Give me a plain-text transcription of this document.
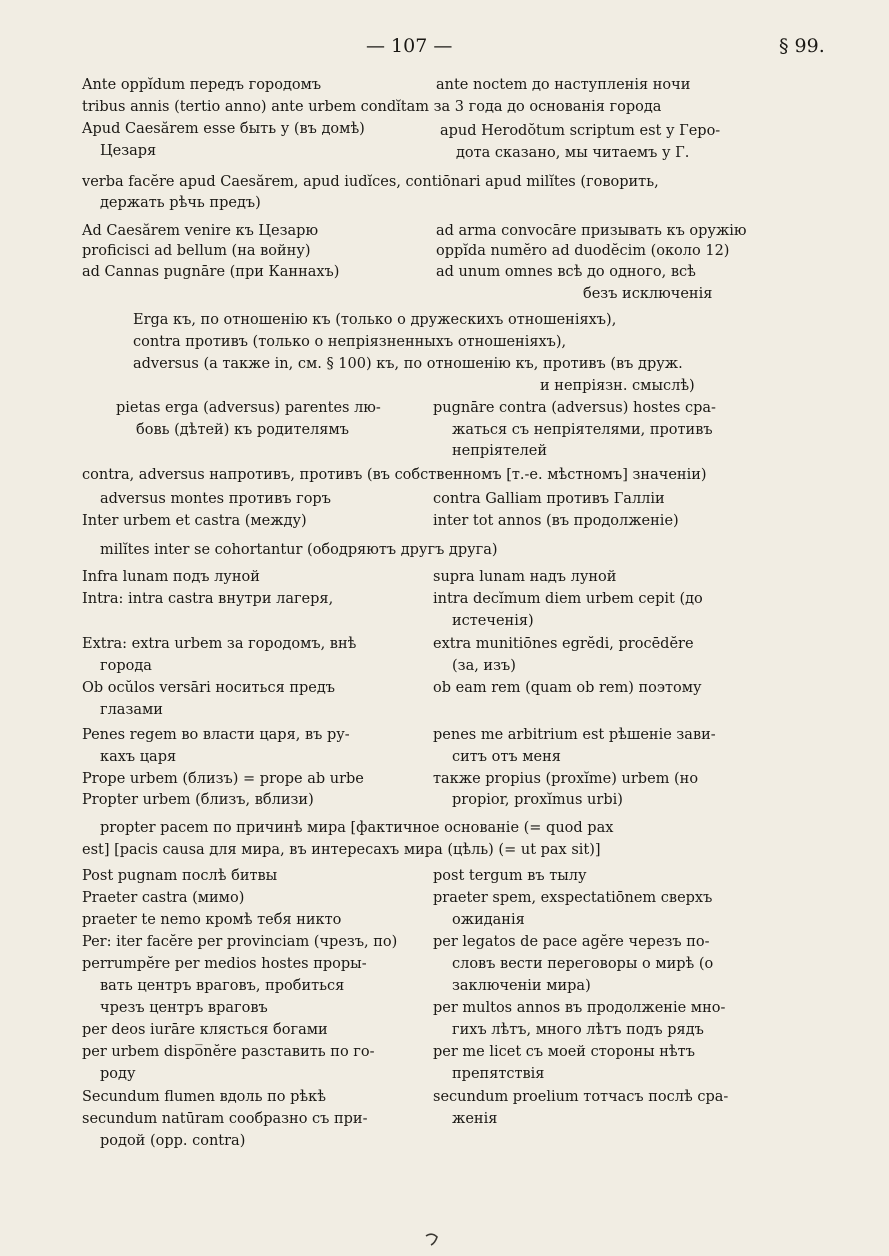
— 107 —	§ 99.
Ante oppĭdum передъ городомъ	ante noctem до наступленія ночи
tribus annis (tertio anno) ante urbem condĭtam за 3 года до основанія города
Apud Caesărem esse быть у (въ домѣ)	apud Herodŏtum scriptum est у Геро-
Цезаря	дота сказано, мы читаемъ у Г.
verba facĕre apud Caesărem, apud iudĭces, contiōnari apud milĭtes (говорить,
держать рѣчь предъ)
Ad Caesărem venire къ Цезарю	ad arma convocāre призывать къ оружію
proficisci ad bellum (на войну)	oppĭda numĕro ad duodĕcim (около 12)
ad Cannas pugnāre (при Каннахъ)	ad unum omnes всѣ до одного, всѣ
безъ исключенія
Erga къ, по отношенію къ (только о дружескихъ отношеніяхъ),
contra противъ (только о непріязненныхъ отношеніяхъ),
adversus (а также in, см. § 100) къ, по отношенію къ, противъ (въ друж.
и непріязн. смыслѣ)
pietas erga (adversus) parentes лю-	pugnāre contra (adversus) hostes сра-
бовь (дѣтей) къ родителямъ	жаться съ непріятелями, противъ
непріятелей
contra, adversus напротивъ, противъ (въ собственномъ [т.-е. мѣстномъ] значеніи)
adversus montes противъ горъ	contra Galliam противъ Галліи
Inter urbem et castra (между)	inter tot annos (въ продолженіе)
milĭtes inter se cohortantur (ободряютъ другъ друга)
Infra lunam подъ луной	supra lunam надъ луной
Intra: intra castra внутри лагеря,	intra decĭmum diem urbem cepit (до
истеченія)
Extra: extra urbem за городомъ, внѣ	extra munitiōnes egrĕdi, procēdĕre
города	(за, изъ)
Ob ocŭlos versāri носиться предъ	ob eam rem (quam ob rem) поэтому
глазами
Penes regem во власти царя, въ ру-	penes me arbitrium est рѣшеніе зави-
кахъ царя	ситъ отъ меня
Prope urbem (близъ) = prope ab urbe	также propius (proxĭme) urbem (но
Propter urbem (близъ, вблизи)	propior, proxĭmus urbi)
propter pacem по причинѣ мира [фактичное основаніе (= quod pax
est] [pacis causa для мира, въ интересахъ мира (цѣль) (= ut pax sit)]
Post pugnam послѣ битвы	post tergum въ тылу
Praeter castra (мимо)	praeter spem, exspectatiōnem сверхъ
praeter te nemo кромѣ тебя никто	ожиданія
Per: iter facĕre per provinciam (чрезъ, по) per legatos de pace agĕre черезъ по-
perrumpĕre per medios hostes проры-	словъ вести переговоры о мирѣ (о
вать центръ враговъ, пробиться	заключеніи мира)
чрезъ центръ враговъ	per multos annos въ продолженіе мно-
per deos iurāre клясться богами	гихъ лѣтъ, много лѣтъ подъ рядъ
per urbem dispo̅nĕre разставить по го-	per me licet съ моей стороны нѣтъ
роду	препятствія
Secundum flumen вдоль по рѣкѣ	secundum proelium тотчасъ послѣ сра-
secundum natūram сообразно съ при-	женія
родой (opp. contra)
